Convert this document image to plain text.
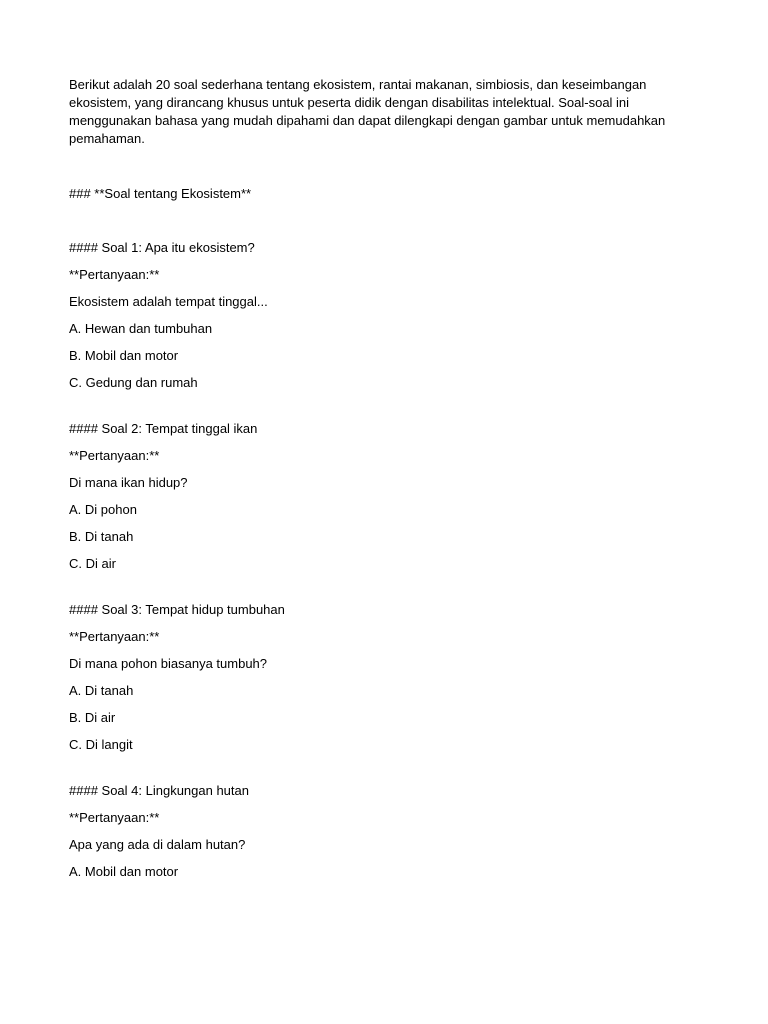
Berikut adalah 20 soal sederhana tentang ekosistem, rantai makanan, simbiosis, dan keseimbangan ekosistem, yang dirancang khusus untuk peserta didik dengan disabilitas intelektual. Soal-soal ini menggunakan bahasa yang mudah dipahami dan dapat dilengkapi dengan gambar untuk memudahkan pemahaman.

### **Soal tentang Ekosistem**
#### Soal 1: Apa itu ekosistem?

**Pertanyaan:**

Ekosistem adalah tempat tinggal...

A. Hewan dan tumbuhan
B. Mobil dan motor
C. Gedung dan rumah
#### Soal 2: Tempat tinggal ikan

**Pertanyaan:**

Di mana ikan hidup?

A. Di pohon
B. Di tanah
C. Di air
#### Soal 3: Tempat hidup tumbuhan

**Pertanyaan:**

Di mana pohon biasanya tumbuh?

A. Di tanah
B. Di air
C. Di langit
#### Soal 4: Lingkungan hutan

**Pertanyaan:**

Apa yang ada di dalam hutan?

A. Mobil dan motor
